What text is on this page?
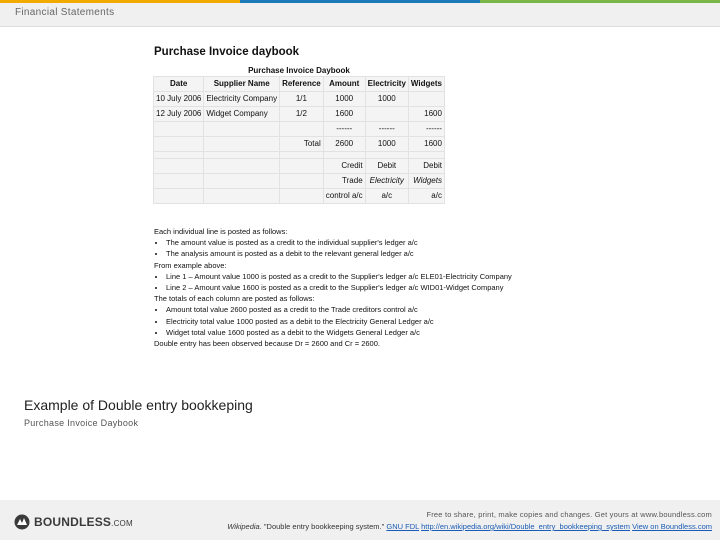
Financial Statements
Purchase Invoice daybook
Purchase Invoice Daybook
Date	Supplier Name	Reference	Amount	Electricity	Widgets
10 July 2006	Electricity Company	1/1	1000	1000	
12 July 2006	Widget Company	1/2	1600		1600
			------	------	------
		Total	2600	1000	1600

			Credit	Debit	Debit
			Trade	Electricity	Widgets
			control a/c	a/c	a/c

Each individual line is posted as follows:

• The amount value is posted as a credit to the individual supplier's ledger a/c
• The analysis amount is posted as a debit to the relevant general ledger a/c

From example above:

• Line 1 – Amount value 1000 is posted as a credit to the Supplier's ledger a/c ELE01-Electricity Company
• Line 2 – Amount value 1600 is posted as a credit to the Supplier's ledger a/c WID01-Widget Company

The totals of each column are posted as follows:

• Amount total value 2600 posted as a credit to the Trade creditors control a/c
• Electricity total value 1000 posted as a debit to the Electricity General Ledger a/c
• Widget total value 1600 posted as a debit to the Widgets General Ledger a/c

Double entry has been observed because Dr = 2600 and Cr = 2600.

Example of Double entry bookkeping
Purchase Invoice Daybook
BOUNDLESS.COM
Free to share, print, make copies and changes. Get yours at www.boundless.com
Wikipedia. "Double entry bookkeeping system." GNU FDL http://en.wikipedia.org/wiki/Double_entry_bookkeeping_system View on Boundless.com
